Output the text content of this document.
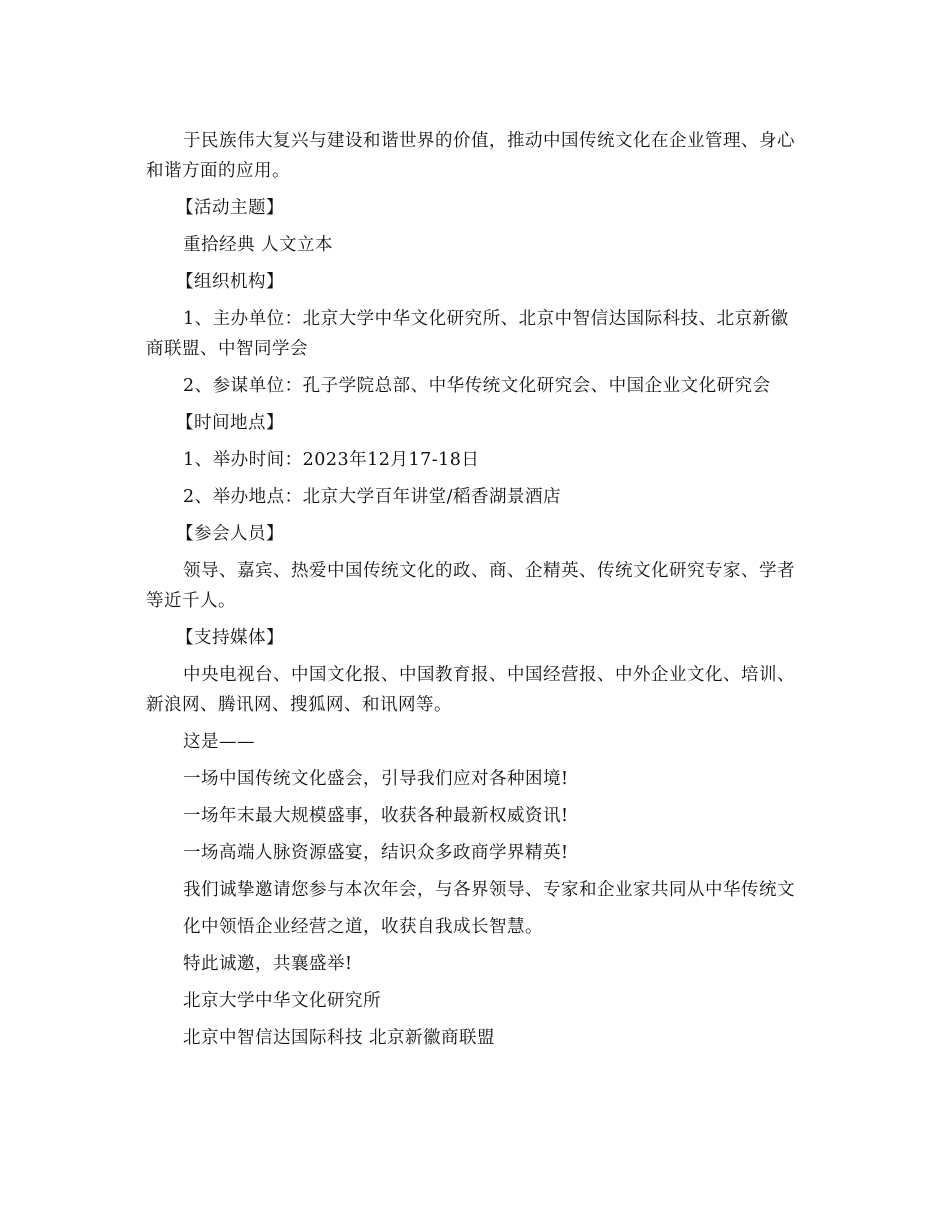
于民族伟大复兴与建设和谐世界的价值，推动中国传统文化在企业管理、身心和谐方面的应用。

【活动主题】

重拾经典 人文立本

【组织机构】

1、主办单位：北京大学中华文化研究所、北京中智信达国际科技、北京新徽商联盟、中智同学会

2、参谋单位：孔子学院总部、中华传统文化研究会、中国企业文化研究会

【时间地点】

1、举办时间：2023年12月17-18日

2、举办地点：北京大学百年讲堂/稻香湖景酒店

【参会人员】

领导、嘉宾、热爱中国传统文化的政、商、企精英、传统文化研究专家、学者等近千人。

【支持媒体】

中央电视台、中国文化报、中国教育报、中国经营报、中外企业文化、培训、新浪网、腾讯网、搜狐网、和讯网等。

这是——

一场中国传统文化盛会，引导我们应对各种困境!

一场年末最大规模盛事，收获各种最新权威资讯!

一场高端人脉资源盛宴，结识众多政商学界精英!

我们诚挚邀请您参与本次年会，与各界领导、专家和企业家共同从中华传统文

化中领悟企业经营之道，收获自我成长智慧。

特此诚邀，共襄盛举!

北京大学中华文化研究所

北京中智信达国际科技 北京新徽商联盟
